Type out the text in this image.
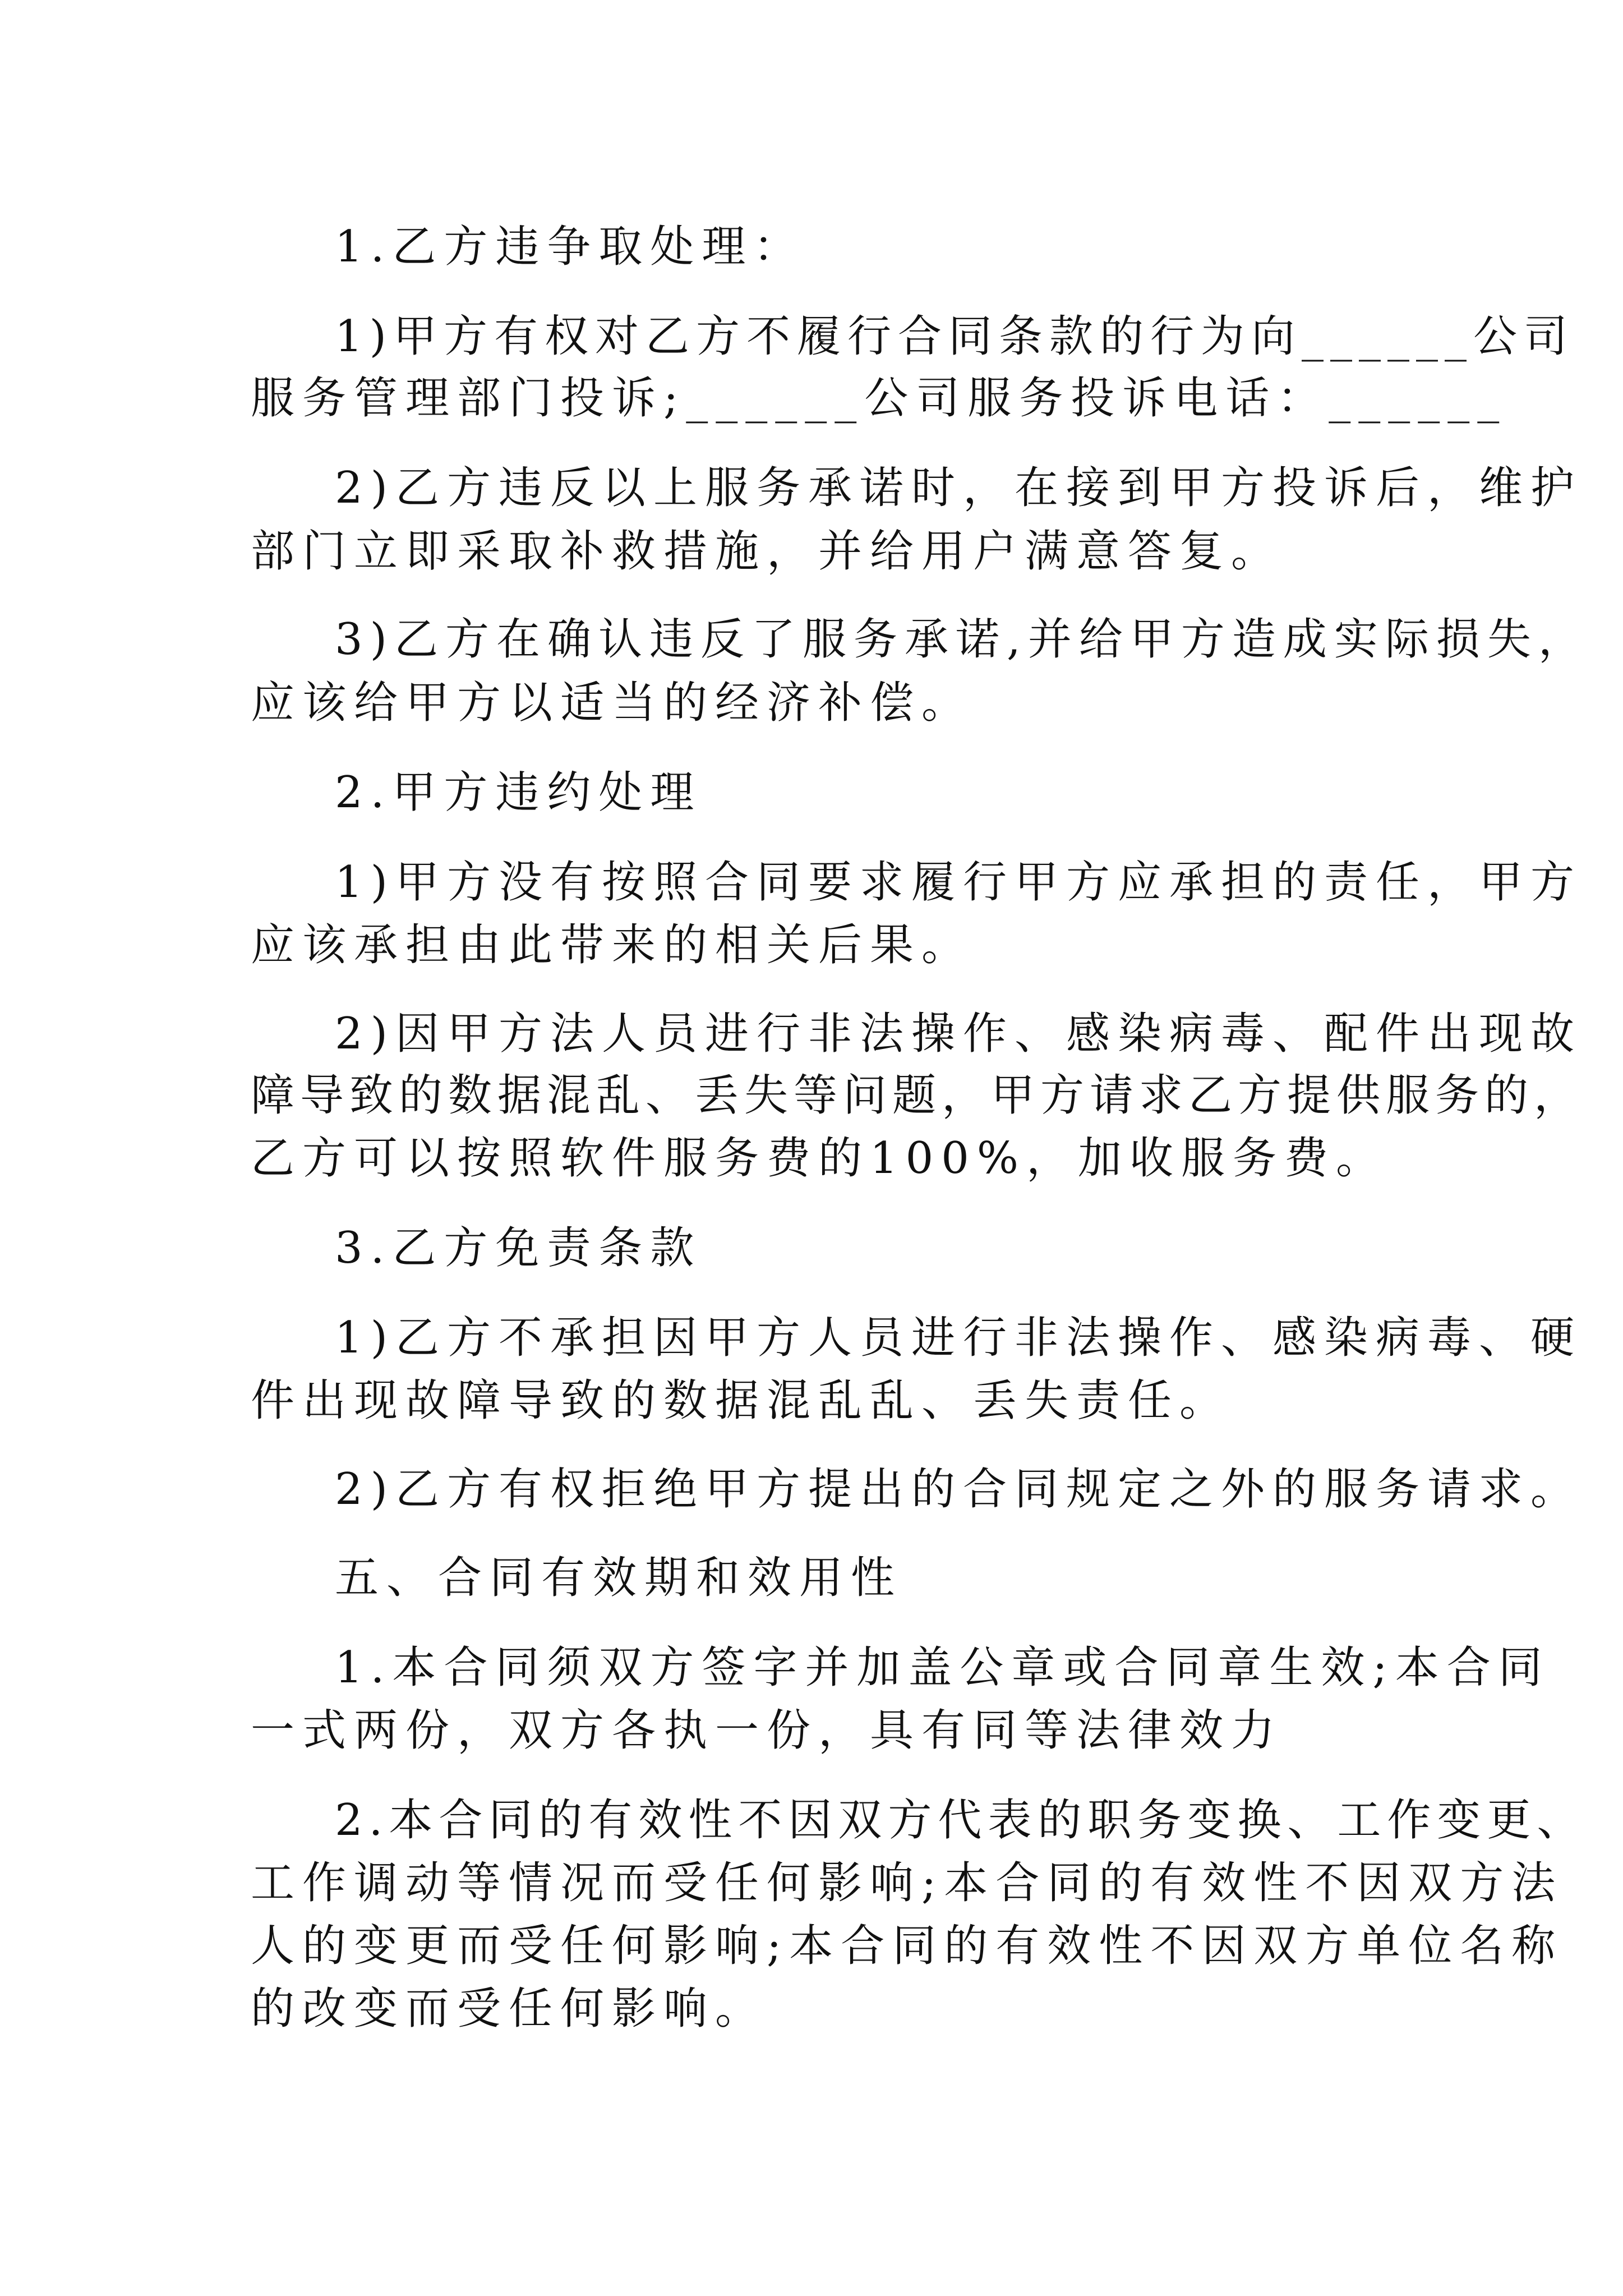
1.乙方违争取处理：
1)甲方有权对乙方不履行合同条款的行为向______公司
服务管理部门投诉;______公司服务投诉电话：______
2)乙方违反以上服务承诺时，在接到甲方投诉后，维护
部门立即采取补救措施，并给用户满意答复。
3)乙方在确认违反了服务承诺,并给甲方造成实际损失，
应该给甲方以适当的经济补偿。
2.甲方违约处理
1)甲方没有按照合同要求履行甲方应承担的责任，甲方
应该承担由此带来的相关后果。
2)因甲方法人员进行非法操作、感染病毒、配件出现故
障导致的数据混乱、丢失等问题，甲方请求乙方提供服务的，
乙方可以按照软件服务费的100%，加收服务费。
3.乙方免责条款
1)乙方不承担因甲方人员进行非法操作、感染病毒、硬
件出现故障导致的数据混乱乱、丢失责任。
2)乙方有权拒绝甲方提出的合同规定之外的服务请求。
五、合同有效期和效用性
1.本合同须双方签字并加盖公章或合同章生效;本合同
一式两份，双方各执一份，具有同等法律效力
2.本合同的有效性不因双方代表的职务变换、工作变更、
工作调动等情况而受任何影响;本合同的有效性不因双方法
人的变更而受任何影响;本合同的有效性不因双方单位名称
的改变而受任何影响。
